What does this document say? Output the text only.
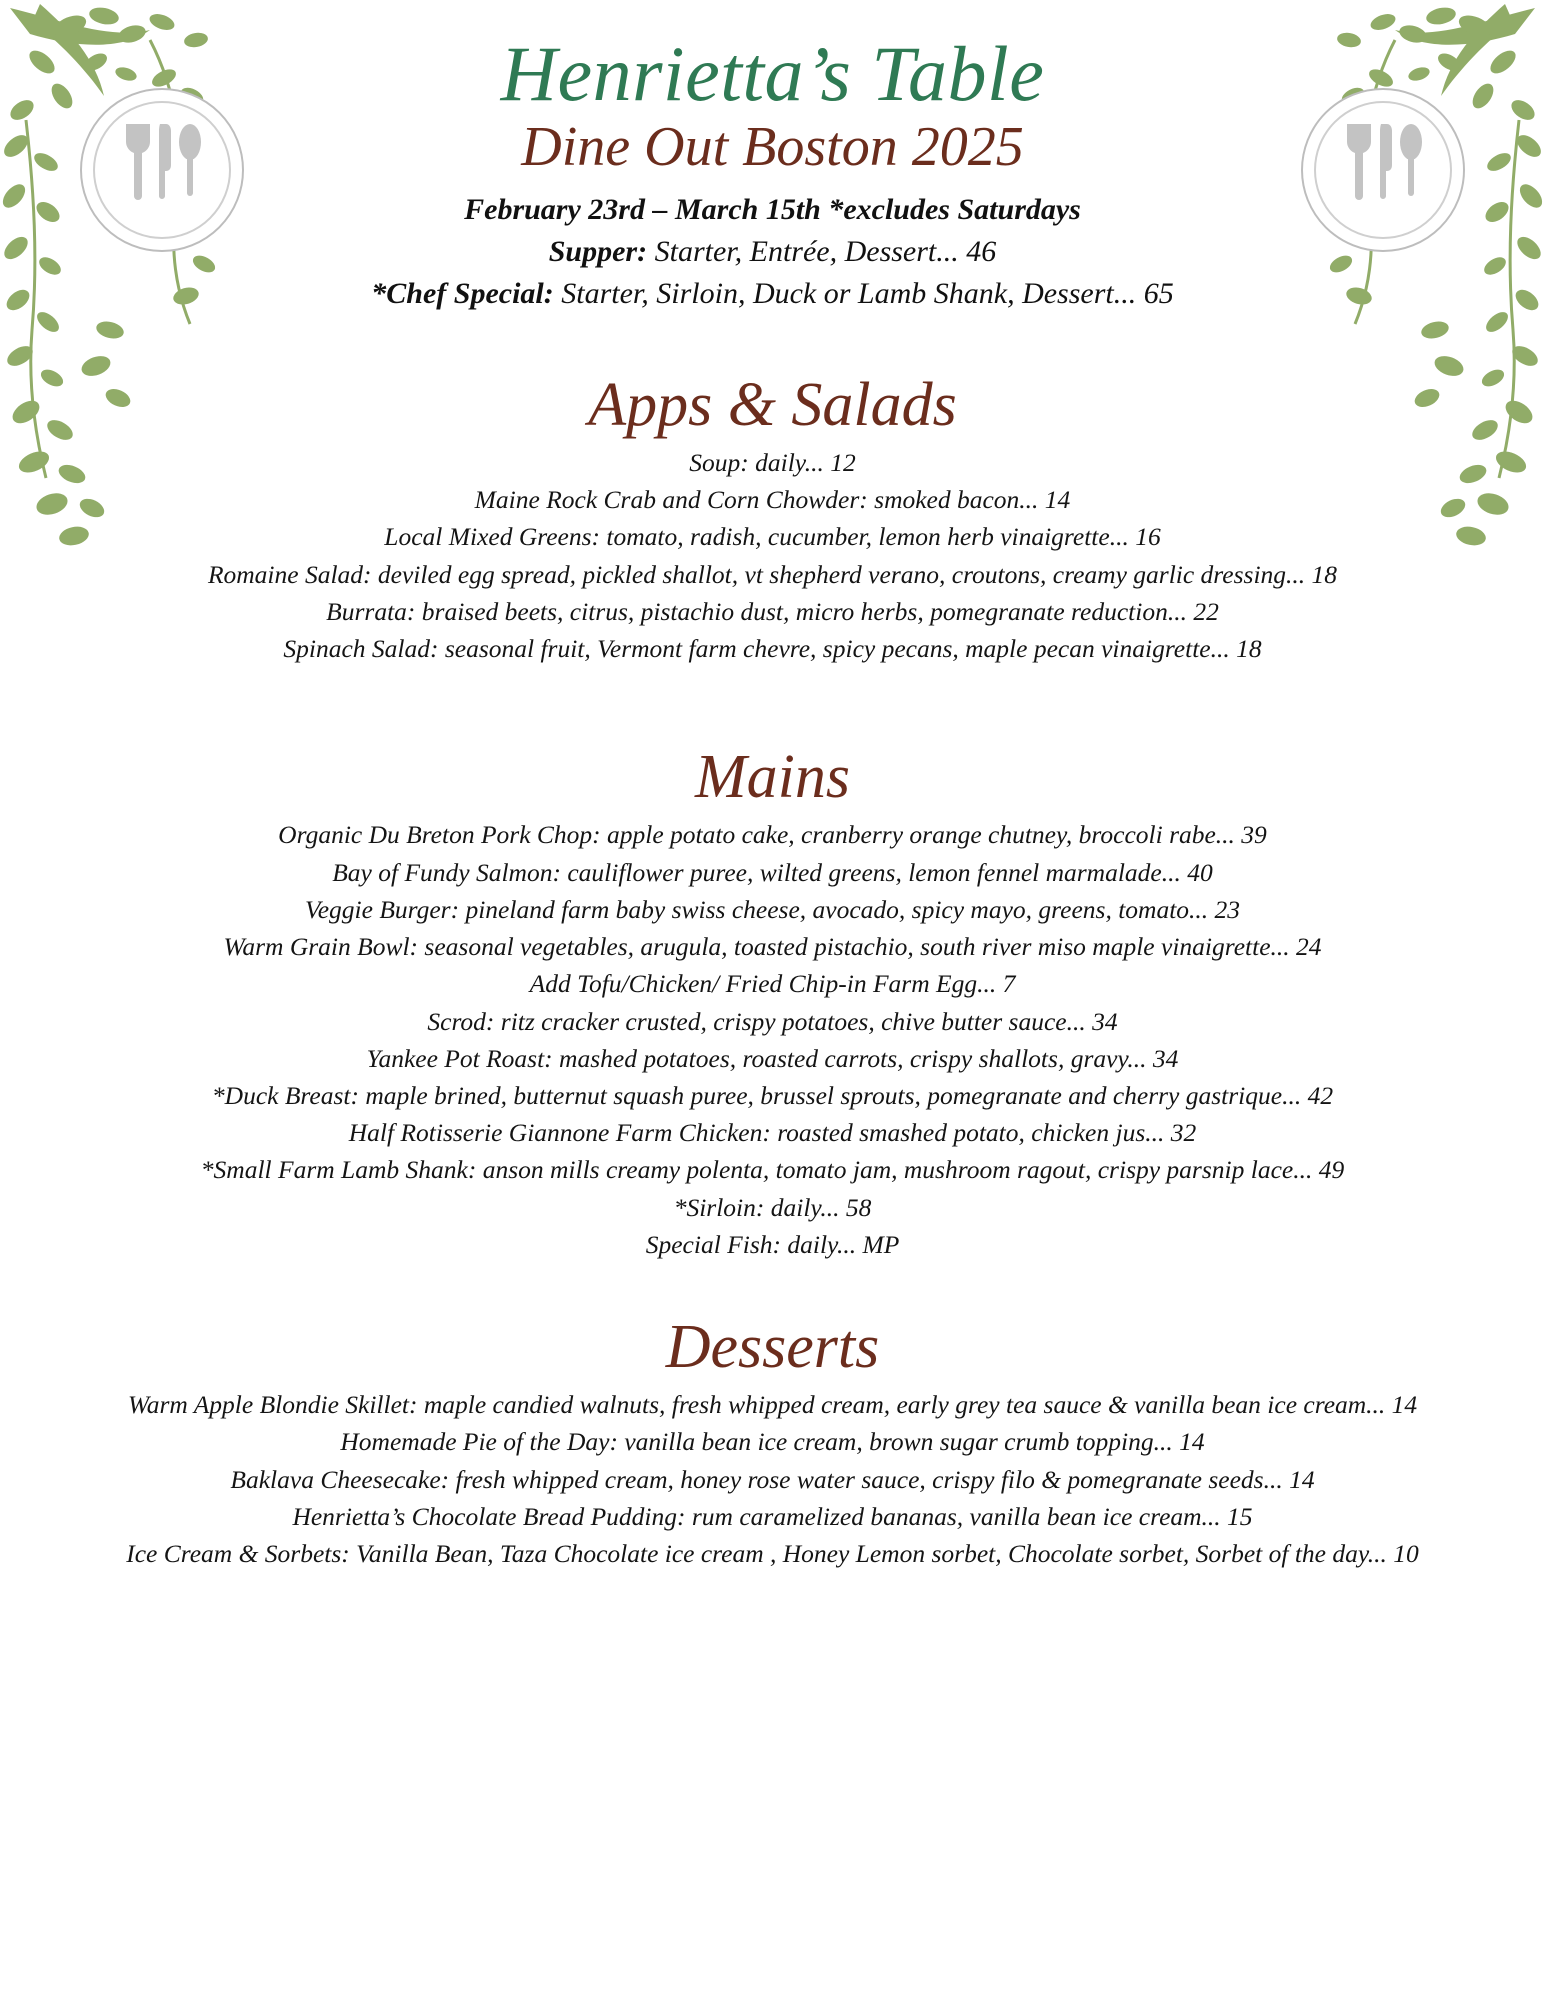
Henrietta’s Table
Dine Out Boston 2025
February 23rd – March 15th *excludes Saturdays
Supper: Starter, Entrée, Dessert... 46
*Chef Special: Starter, Sirloin, Duck or Lamb Shank, Dessert... 65
Apps & Salads
Soup: daily... 12
Maine Rock Crab and Corn Chowder: smoked bacon... 14
Local Mixed Greens: tomato, radish, cucumber, lemon herb vinaigrette... 16
Romaine Salad: deviled egg spread, pickled shallot, vt shepherd verano, croutons, creamy garlic dressing... 18
Burrata: braised beets, citrus, pistachio dust, micro herbs, pomegranate reduction... 22
Spinach Salad: seasonal fruit, Vermont farm chevre, spicy pecans, maple pecan vinaigrette... 18
Mains
Organic Du Breton Pork Chop: apple potato cake, cranberry orange chutney, broccoli rabe... 39
Bay of Fundy Salmon: cauliflower puree, wilted greens, lemon fennel marmalade... 40
Veggie Burger: pineland farm baby swiss cheese, avocado, spicy mayo, greens, tomato... 23
Warm Grain Bowl: seasonal vegetables, arugula, toasted pistachio, south river miso maple vinaigrette... 24
Add Tofu/Chicken/ Fried Chip-in Farm Egg... 7
Scrod: ritz cracker crusted, crispy potatoes, chive butter sauce... 34
Yankee Pot Roast: mashed potatoes, roasted carrots, crispy shallots, gravy... 34
*Duck Breast: maple brined, butternut squash puree, brussel sprouts, pomegranate and cherry gastrique... 42
Half Rotisserie Giannone Farm Chicken: roasted smashed potato, chicken jus... 32
*Small Farm Lamb Shank: anson mills creamy polenta, tomato jam, mushroom ragout, crispy parsnip lace... 49
*Sirloin: daily... 58
Special Fish: daily... MP
Desserts
Warm Apple Blondie Skillet: maple candied walnuts, fresh whipped cream, early grey tea sauce & vanilla bean ice cream... 14
Homemade Pie of the Day: vanilla bean ice cream, brown sugar crumb topping... 14
Baklava Cheesecake: fresh whipped cream, honey rose water sauce, crispy filo & pomegranate seeds... 14
Henrietta’s Chocolate Bread Pudding: rum caramelized bananas, vanilla bean ice cream... 15
Ice Cream & Sorbets: Vanilla Bean, Taza Chocolate ice cream , Honey Lemon sorbet, Chocolate sorbet, Sorbet of the day... 10
